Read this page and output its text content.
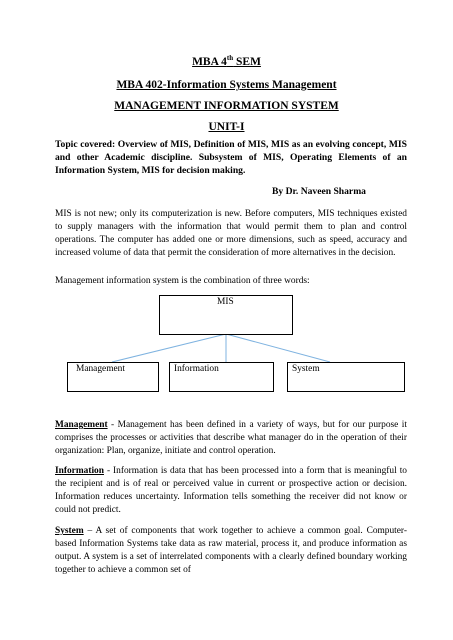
MBA 4th SEM
MBA 402-Information Systems Management
MANAGEMENT INFORMATION SYSTEM
UNIT-I
Topic covered: Overview of MIS, Definition of MIS, MIS as an evolving concept, MIS and other Academic discipline. Subsystem of MIS, Operating Elements of an Information System, MIS for decision making.
By Dr. Naveen Sharma
MIS is not new; only its computerization is new. Before computers, MIS techniques existed to supply managers with the information that would permit them to plan and control operations. The computer has added one or more dimensions, such as speed, accuracy and increased volume of data that permit the consideration of more alternatives in the decision.
Management information system is the combination of three words:
MIS
Management	Information	System
Management - Management has been defined in a variety of ways, but for our purpose it comprises the processes or activities that describe what manager do in the operation of their organization: Plan, organize, initiate and control operation.
Information - Information is data that has been processed into a form that is meaningful to the recipient and is of real or perceived value in current or prospective action or decision. Information reduces uncertainty. Information tells something the receiver did not know or could not predict.
System – A set of components that work together to achieve a common goal. Computer-based Information Systems take data as raw material, process it, and produce information as output. A system is a set of interrelated components with a clearly defined boundary working together to achieve a common set of
